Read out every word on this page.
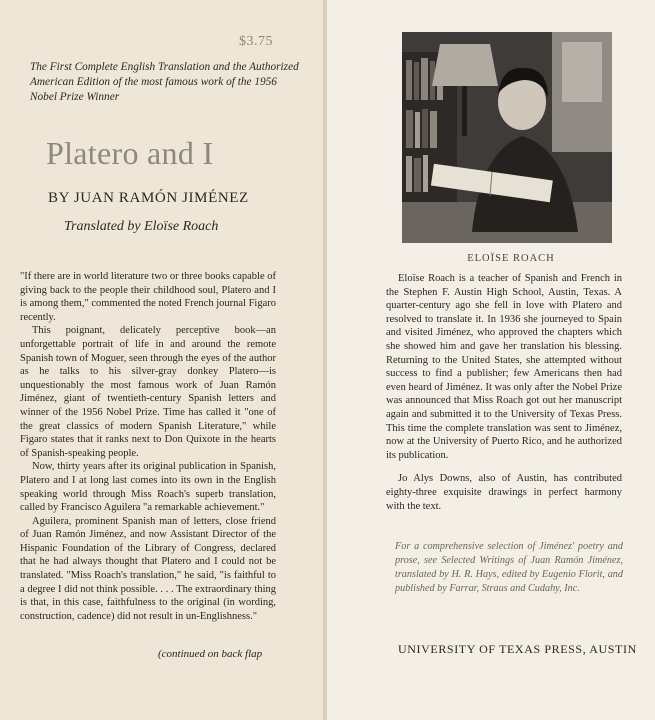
$3.75
The First Complete English Translation and the Authorized American Edition of the most famous work of the 1956 Nobel Prize Winner
Platero and I
BY JUAN RAMÓN JIMÉNEZ
Translated by Eloïse Roach

"If there are in world literature two or three books capable of giving back to the people their childhood soul, Platero and I is among them," commented the noted French journal Figaro recently.

This poignant, delicately perceptive book—an unforgettable portrait of life in and around the remote Spanish town of Moguer, seen through the eyes of the author as he talks to his silver-gray donkey Platero—is unquestionably the most famous work of Juan Ramón Jiménez, giant of twentieth-century Spanish letters and winner of the 1956 Nobel Prize. Time has called it "one of the great classics of modern Spanish Literature," while Figaro states that it ranks next to Don Quixote in the hearts of Spanish-speaking people.

Now, thirty years after its original publication in Spanish, Platero and I at long last comes into its own in the English speaking world through Miss Roach's superb translation, called by Francisco Aguilera "a remarkable achievement."

Aguilera, prominent Spanish man of letters, close friend of Juan Ramón Jiménez, and now Assistant Director of the Hispanic Foundation of the Library of Congress, declared that he had always thought that Platero and I could not be translated. "Miss Roach's translation," he said, "is faithful to a degree I did not think possible. . . . The extraordinary thing is that, in this case, faithfulness to the original (in wording, construction, cadence) did not result in un-Englishness."

(continued on back flap
ELOÏSE ROACH

Eloïse Roach is a teacher of Spanish and French in the Stephen F. Austin High School, Austin, Texas. A quarter-century ago she fell in love with Platero and resolved to translate it. In 1936 she journeyed to Spain and visited Jiménez, who approved the chapters which she showed him and gave her translation his blessing. Returning to the United States, she attempted without success to find a publisher; few Americans then had even heard of Jiménez. It was only after the Nobel Prize was announced that Miss Roach got out her manuscript again and submitted it to the University of Texas Press. This time the complete translation was sent to Jiménez, now at the University of Puerto Rico, and he authorized its publication.

Jo Alys Downs, also of Austin, has contributed eighty-three exquisite drawings in perfect harmony with the text.

For a comprehensive selection of Jiménez' poetry and prose, see Selected Writings of Juan Ramón Jiménez, translated by H. R. Hays, edited by Eugenio Florit, and published by Farrar, Straus and Cudahy, Inc.
UNIVERSITY OF TEXAS PRESS, AUSTIN
